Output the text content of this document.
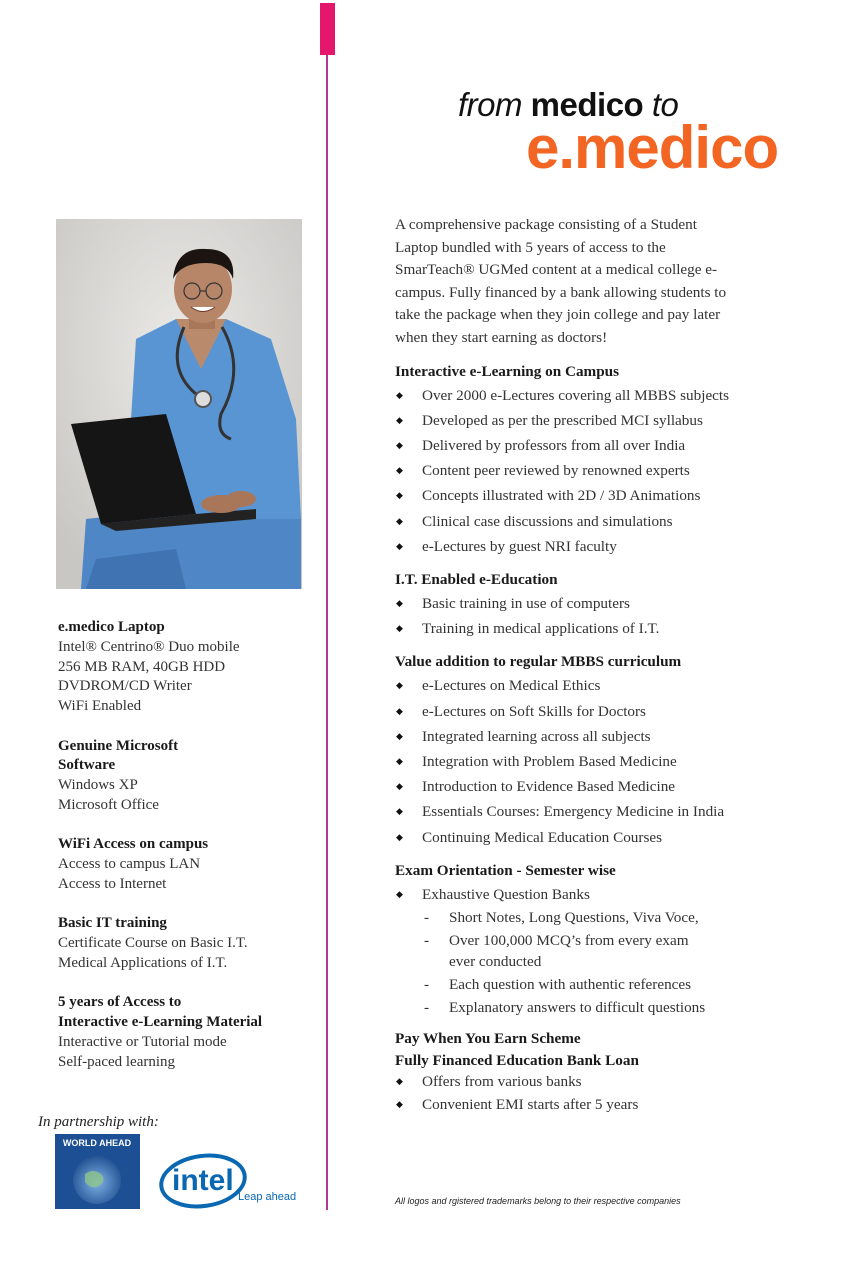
from medico to
e.medico
e.medico Laptop
Intel® Centrino® Duo mobile
256 MB RAM, 40GB HDD
DVDROM/CD Writer
WiFi Enabled
Genuine Microsoft
Software
Windows XP
Microsoft Office
WiFi Access on campus
Access to campus LAN
Access to Internet
Basic IT training
Certificate Course on Basic I.T.
Medical Applications of I.T.
5 years of Access to
Interactive e-Learning Material
Interactive or Tutorial mode
Self-paced learning
In partnership with:
WORLD AHEAD
intel Leap ahead

A comprehensive package consisting of a Student
Laptop bundled with 5 years of access to the
SmarTeach® UGMed content at a medical college e-
campus. Fully financed by a bank allowing students to
take the package when they join college and pay later
when they start earning as doctors!

Interactive e-Learning on Campus

◆ Over 2000 e-Lectures covering all MBBS subjects
◆ Developed as per the prescribed MCI syllabus
◆ Delivered by professors from all over India
◆ Content peer reviewed by renowned experts
◆ Concepts illustrated with 2D / 3D Animations
◆ Clinical case discussions and simulations
◆ e-Lectures by guest NRI faculty

I.T. Enabled e-Education

◆ Basic training in use of computers
◆ Training in medical applications of I.T.

Value addition to regular MBBS curriculum

◆ e-Lectures on Medical Ethics
◆ e-Lectures on Soft Skills for Doctors
◆ Integrated learning across all subjects
◆ Integration with Problem Based Medicine
◆ Introduction to Evidence Based Medicine
◆ Essentials Courses: Emergency Medicine in India
◆ Continuing Medical Education Courses

Exam Orientation - Semester wise

◆ Exhaustive Question Banks
- Short Notes, Long Questions, Viva Voce,
- Over 100,000 MCQ’s from every exam ever conducted
- Each question with authentic references
- Explanatory answers to difficult questions

Pay When You Earn Scheme

Fully Financed Education Bank Loan

◆ Offers from various banks
◆ Convenient EMI starts after 5 years
All logos and rgistered trademarks belong to their respective companies
